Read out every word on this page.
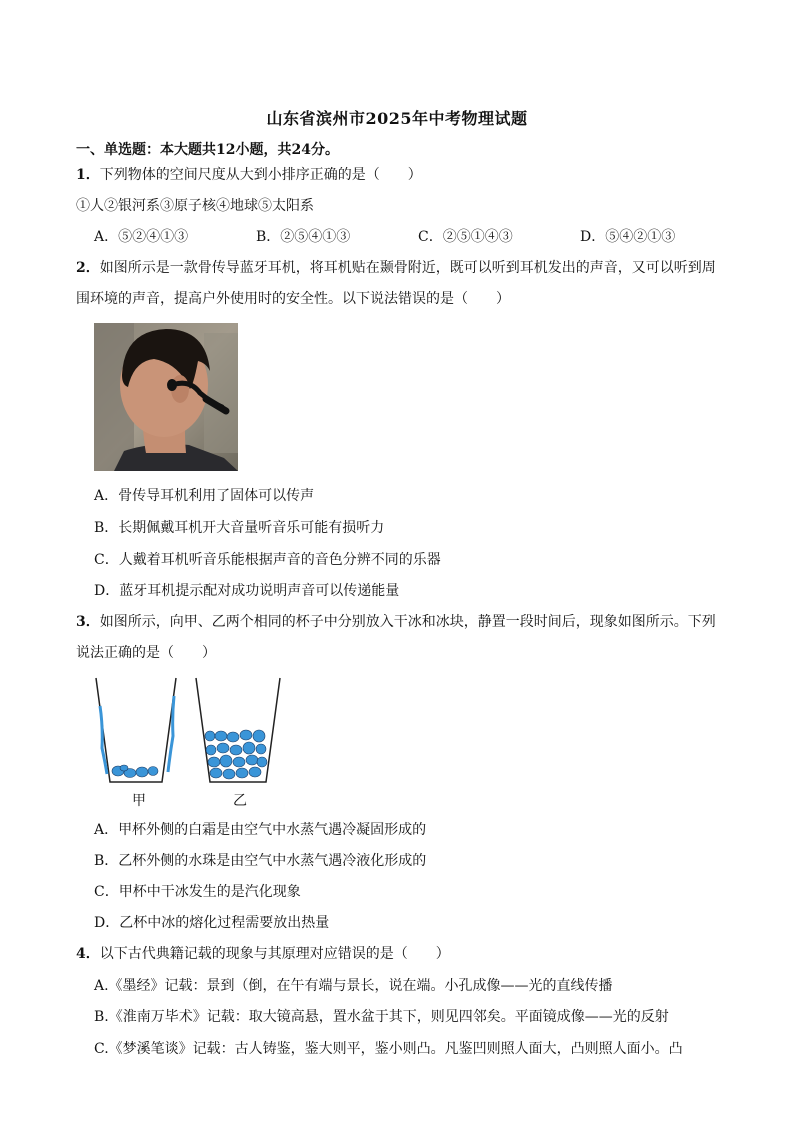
山东省滨州市2025年中考物理试题
一、单选题：本大题共12小题，共24分。
1．下列物体的空间尺度从大到小排序正确的是（　　）
①人②银河系③原子核④地球⑤太阳系
A．⑤②④①③	B．②⑤④①③	C．②⑤①④③	D．⑤④②①③
2．如图所示是一款骨传导蓝牙耳机，将耳机贴在颞骨附近，既可以听到耳机发出的声音，又可以听到周
围环境的声音，提高户外使用时的安全性。以下说法错误的是（　　）
A．骨传导耳机利用了固体可以传声
B．长期佩戴耳机开大音量听音乐可能有损听力
C．人戴着耳机听音乐能根据声音的音色分辨不同的乐器
D．蓝牙耳机提示配对成功说明声音可以传递能量
3．如图所示，向甲、乙两个相同的杯子中分别放入干冰和冰块，静置一段时间后，现象如图所示。下列
说法正确的是（　　）
甲	乙
A．甲杯外侧的白霜是由空气中水蒸气遇冷凝固形成的
B．乙杯外侧的水珠是由空气中水蒸气遇冷液化形成的
C．甲杯中干冰发生的是汽化现象
D．乙杯中冰的熔化过程需要放出热量
4．以下古代典籍记载的现象与其原理对应错误的是（　　）
A.《墨经》记载：景到（倒，在午有端与景长，说在端。小孔成像——光的直线传播
B.《淮南万毕术》记载：取大镜高悬，置水盆于其下，则见四邻矣。平面镜成像——光的反射
C.《梦溪笔谈》记载：古人铸鉴，鉴大则平，鉴小则凸。凡鉴凹则照人面大，凸则照人面小。凸
